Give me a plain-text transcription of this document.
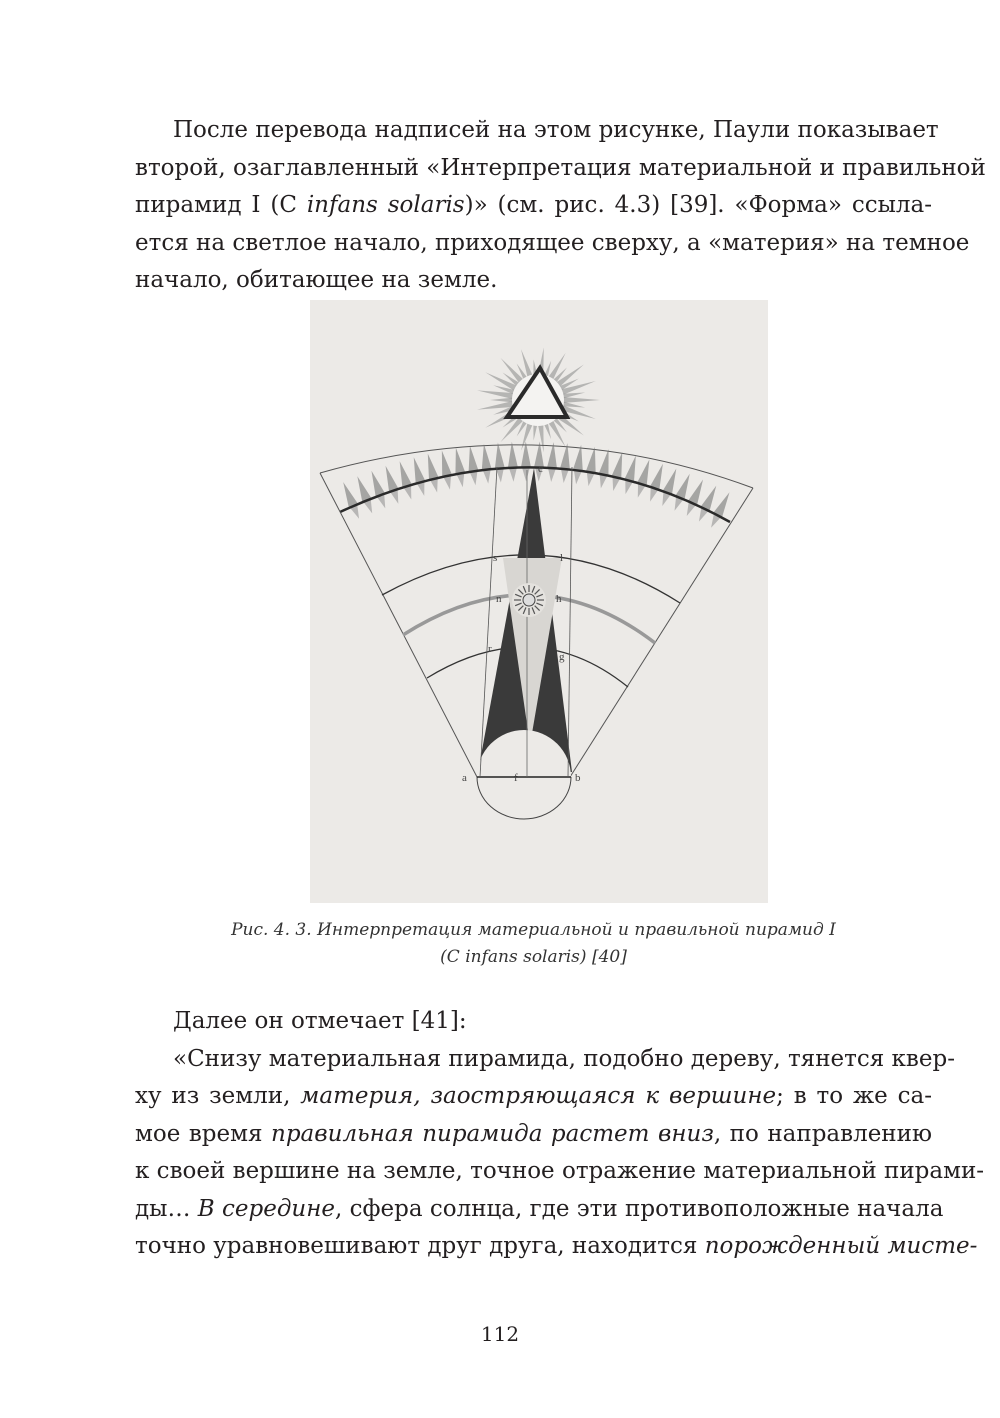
После перевода надписей на этом рисунке, Паули показывает
второй, озаглавленный «Интерпретация материальной и правильной
пирамид I (C infans solaris)» (см. рис. 4.3) [39]. «Форма» ссыла-
ется на светлое начало, приходящее сверху, а «материя» на темное
начало, обитающее на земле.
s	l
n	h
r
g
a	f	b
c
Рис. 4. 3. Интерпретация материальной и правильной пирамид I
(C infans solaris) [40]
Далее он отмечает [41]:
«Снизу материальная пирамида, подобно дереву, тянется квер-
ху из земли, материя, заостряющаяся к вершине; в то же са-
мое время правильная пирамида растет вниз, по направлению
к своей вершине на земле, точное отражение материальной пирами-
ды… В середине, сфера солнца, где эти противоположные начала
точно уравновешивают друг друга, находится порожденный мисте-
112
